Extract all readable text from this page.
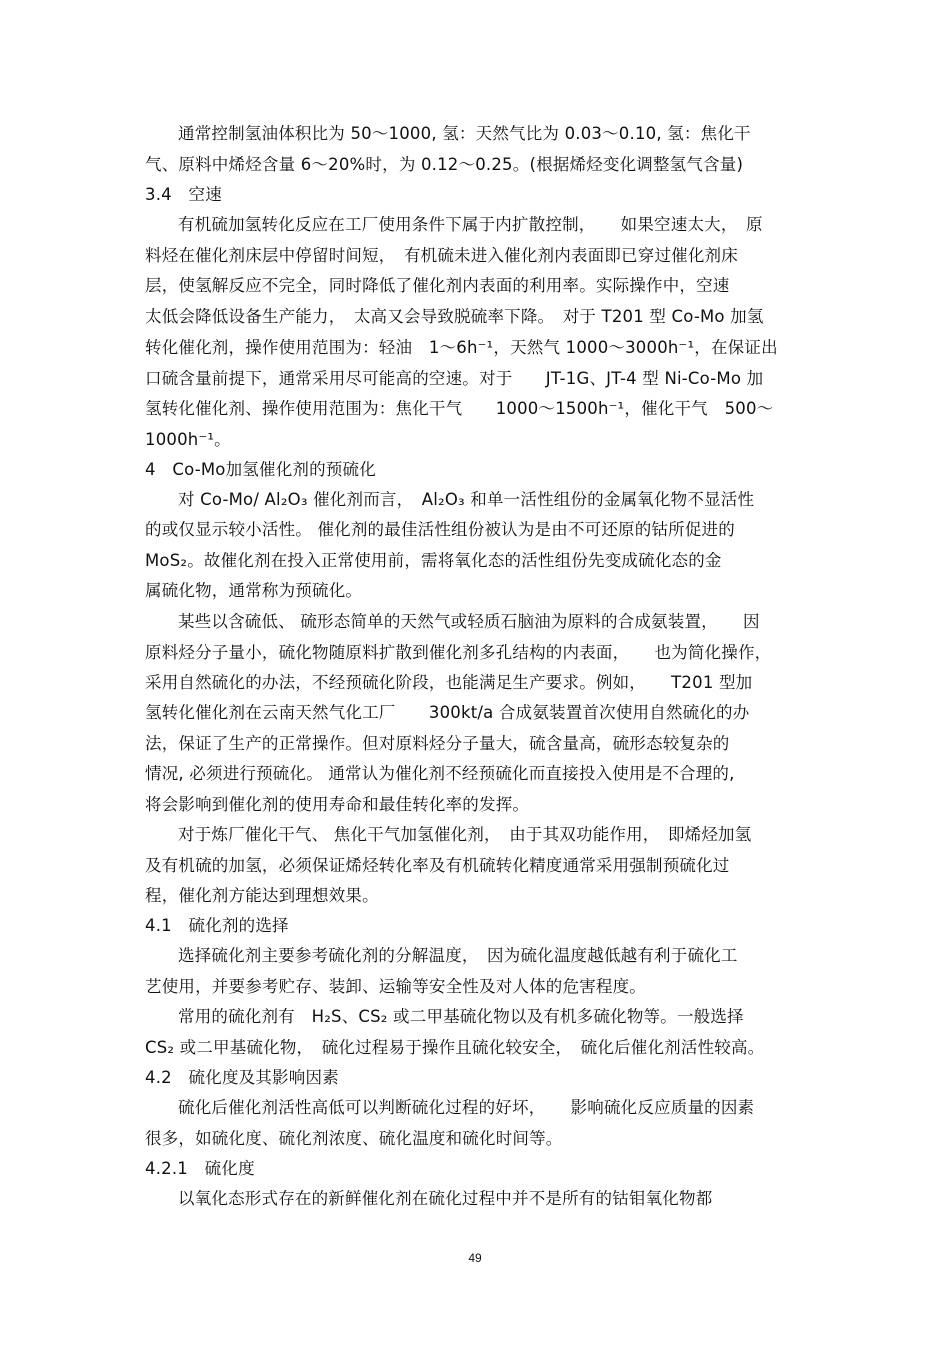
通常控制氢油体积比为 50～1000, 氢：天然气比为 0.03～0.10, 氢：焦化干
气、原料中烯烃含量 6～20%时，为 0.12～0.25。(根据烯烃变化调整氢气含量)
3.4　空速
有机硫加氢转化反应在工厂使用条件下属于内扩散控制，　　如果空速太大，　原
料烃在催化剂床层中停留时间短，　有机硫未进入催化剂内表面即已穿过催化剂床
层，使氢解反应不完全，同时降低了催化剂内表面的利用率。实际操作中，空速
太低会降低设备生产能力，　太高又会导致脱硫率下降。　对于 T201 型 Co-Mo 加氢
转化催化剂，操作使用范围为：轻油　1～6h⁻¹，天然气 1000～3000h⁻¹，在保证出
口硫含量前提下，通常采用尽可能高的空速。对于　　JT-1G、JT-4 型 Ni-Co-Mo 加
氢转化催化剂、操作使用范围为：焦化干气　　1000～1500h⁻¹，催化干气　500～
1000h⁻¹。
4　Co-Mo加氢催化剂的预硫化
对 Co-Mo/ Al₂O₃ 催化剂而言，　Al₂O₃ 和单一活性组份的金属氧化物不显活性
的或仅显示较小活性。 催化剂的最佳活性组份被认为是由不可还原的钴所促进的
MoS₂。故催化剂在投入正常使用前，需将氧化态的活性组份先变成硫化态的金
属硫化物，通常称为预硫化。
某些以含硫低、 硫形态简单的天然气或轻质石脑油为原料的合成氨装置，　　因
原料烃分子量小，硫化物随原料扩散到催化剂多孔结构的内表面，　　也为简化操作，
采用自然硫化的办法，不经预硫化阶段，也能满足生产要求。例如，　　T201 型加
氢转化催化剂在云南天然气化工厂　　300kt/a 合成氨装置首次使用自然硫化的办
法，保证了生产的正常操作。但对原料烃分子量大，硫含量高，硫形态较复杂的
情况, 必须进行预硫化。 通常认为催化剂不经预硫化而直接投入使用是不合理的,
将会影响到催化剂的使用寿命和最佳转化率的发挥。
对于炼厂催化干气、 焦化干气加氢催化剂，　由于其双功能作用，　即烯烃加氢
及有机硫的加氢，必须保证烯烃转化率及有机硫转化精度通常采用强制预硫化过
程，催化剂方能达到理想效果。
4.1　硫化剂的选择
选择硫化剂主要参考硫化剂的分解温度，　因为硫化温度越低越有利于硫化工
艺使用，并要参考贮存、装卸、运输等安全性及对人体的危害程度。
常用的硫化剂有　H₂S、CS₂ 或二甲基硫化物以及有机多硫化物等。一般选择
CS₂ 或二甲基硫化物，　硫化过程易于操作且硫化较安全，　硫化后催化剂活性较高。
4.2　硫化度及其影响因素
硫化后催化剂活性高低可以判断硫化过程的好坏，　　影响硫化反应质量的因素
很多，如硫化度、硫化剂浓度、硫化温度和硫化时间等。
4.2.1　硫化度
以氧化态形式存在的新鲜催化剂在硫化过程中并不是所有的钴钼氧化物都
49
